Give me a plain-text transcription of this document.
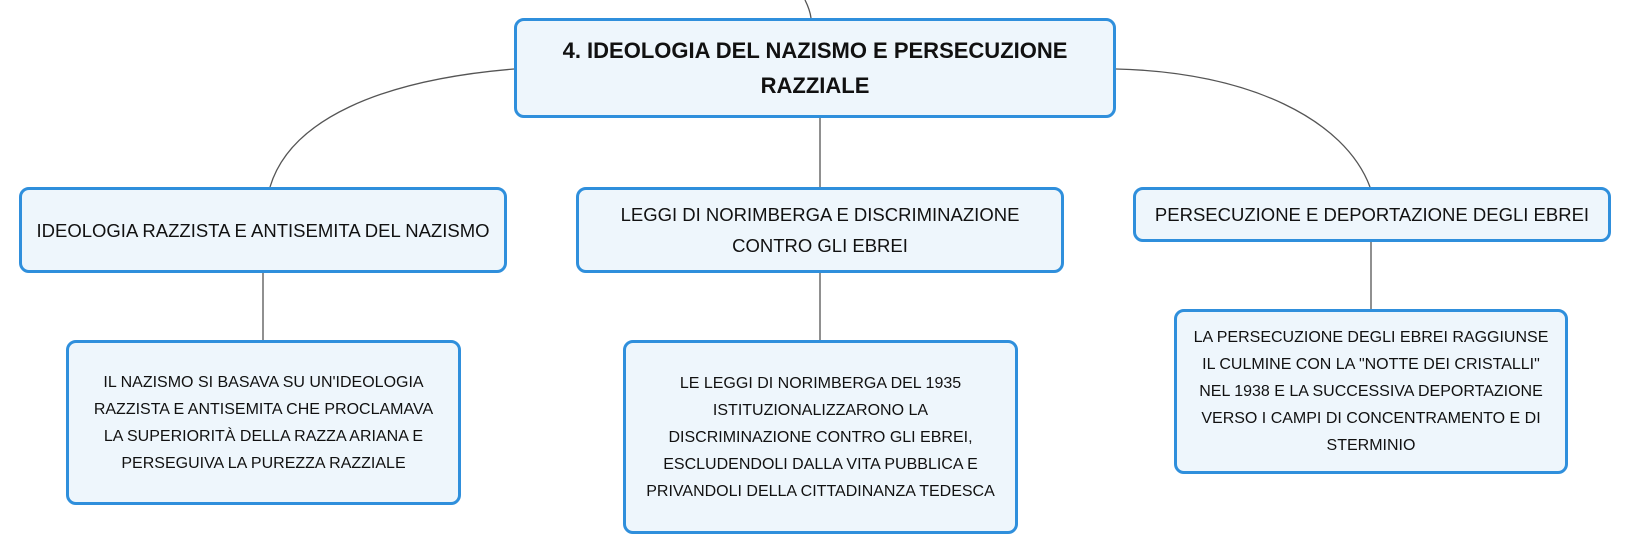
4. IDEOLOGIA DEL NAZISMO E PERSECUZIONE
RAZZIALE
IDEOLOGIA RAZZISTA E ANTISEMITA DEL NAZISMO
LEGGI DI NORIMBERGA E DISCRIMINAZIONE
CONTRO GLI EBREI
PERSECUZIONE E DEPORTAZIONE DEGLI EBREI
IL NAZISMO SI BASAVA SU UN'IDEOLOGIA
RAZZISTA E ANTISEMITA CHE PROCLAMAVA
LA SUPERIORITÀ DELLA RAZZA ARIANA E
PERSEGUIVA LA PUREZZA RAZZIALE
LE LEGGI DI NORIMBERGA DEL 1935
ISTITUZIONALIZZARONO LA
DISCRIMINAZIONE CONTRO GLI EBREI,
ESCLUDENDOLI DALLA VITA PUBBLICA E
PRIVANDOLI DELLA CITTADINANZA TEDESCA
LA PERSECUZIONE DEGLI EBREI RAGGIUNSE
IL CULMINE CON LA "NOTTE DEI CRISTALLI"
NEL 1938 E LA SUCCESSIVA DEPORTAZIONE
VERSO I CAMPI DI CONCENTRAMENTO E DI
STERMINIO
